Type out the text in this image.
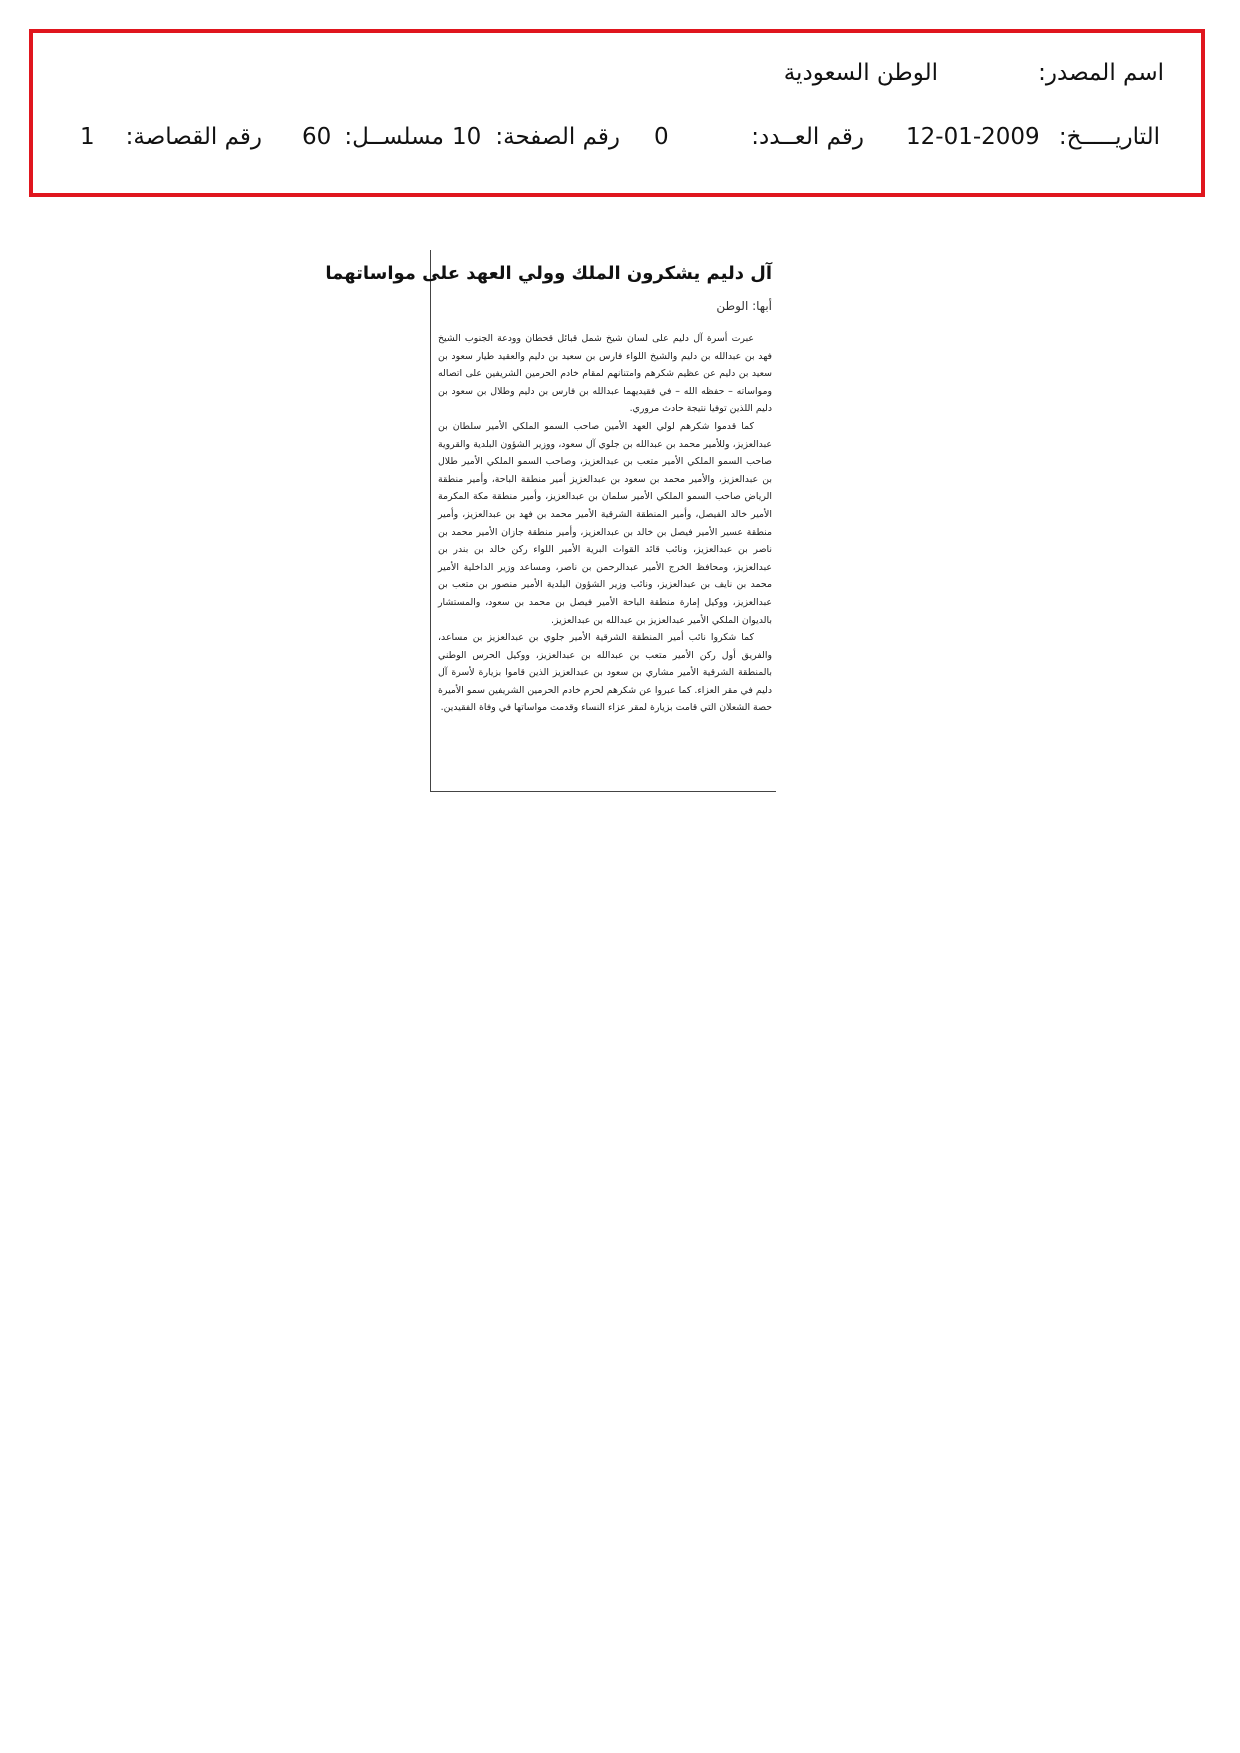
اسم المصدر:
الوطن السعودية
التاريـــــخ:
12-01-2009
رقم العــدد:
0
رقم الصفحة:
10
مسلســل:
60
رقم القصاصة:
1
آل دليم يشكرون الملك وولي العهد على مواساتهما
أبها: الوطن

عبرت أسرة آل دليم على لسان شيخ شمل قبائل قحطان وودعة الجنوب الشيخ فهد بن عبدالله بن دليم والشيخ اللواء فارس بن سعيد بن دليم والعقيد طيار سعود بن سعيد بن دليم عن عظيم شكرهم وامتنانهم لمقام خادم الحرمين الشريفين على اتصاله ومواساته – حفظه الله – في فقيديهما عبدالله بن فارس بن دليم وطلال بن سعود بن دليم اللذين توفيا نتيجة حادث مروري.

كما قدموا شكرهم لولي العهد الأمين صاحب السمو الملكي الأمير سلطان بن عبدالعزيز، وللأمير محمد بن عبدالله بن جلوي آل سعود، ووزير الشؤون البلدية والقروية صاحب السمو الملكي الأمير متعب بن عبدالعزيز، وصاحب السمو الملكي الأمير طلال بن عبدالعزيز، والأمير محمد بن سعود بن عبدالعزيز أمير منطقة الباحة، وأمير منطقة الرياض صاحب السمو الملكي الأمير سلمان بن عبدالعزيز، وأمير منطقة مكة المكرمة الأمير خالد الفيصل، وأمير المنطقة الشرقية الأمير محمد بن فهد بن عبدالعزيز، وأمير منطقة عسير الأمير فيصل بن خالد بن عبدالعزيز، وأمير منطقة جازان الأمير محمد بن ناصر بن عبدالعزيز، ونائب قائد القوات البرية الأمير اللواء ركن خالد بن بندر بن عبدالعزيز، ومحافظ الخرج الأمير عبدالرحمن بن ناصر، ومساعد وزير الداخلية الأمير محمد بن نايف بن عبدالعزيز، ونائب وزير الشؤون البلدية الأمير منصور بن متعب بن عبدالعزيز، ووكيل إمارة منطقة الباحة الأمير فيصل بن محمد بن سعود، والمستشار بالديوان الملكي الأمير عبدالعزيز بن عبدالله بن عبدالعزيز.

كما شكروا نائب أمير المنطقة الشرقية الأمير جلوي بن عبدالعزيز بن مساعد، والفريق أول ركن الأمير متعب بن عبدالله بن عبدالعزيز، ووكيل الحرس الوطني بالمنطقة الشرقية الأمير مشاري بن سعود بن عبدالعزيز الذين قاموا بزيارة لأسرة آل دليم في مقر العزاء. كما عبروا عن شكرهم لحرم خادم الحرمين الشريفين سمو الأميرة حصة الشعلان التي قامت بزيارة لمقر عزاء النساء وقدمت مواساتها في وفاة الفقيدين.
